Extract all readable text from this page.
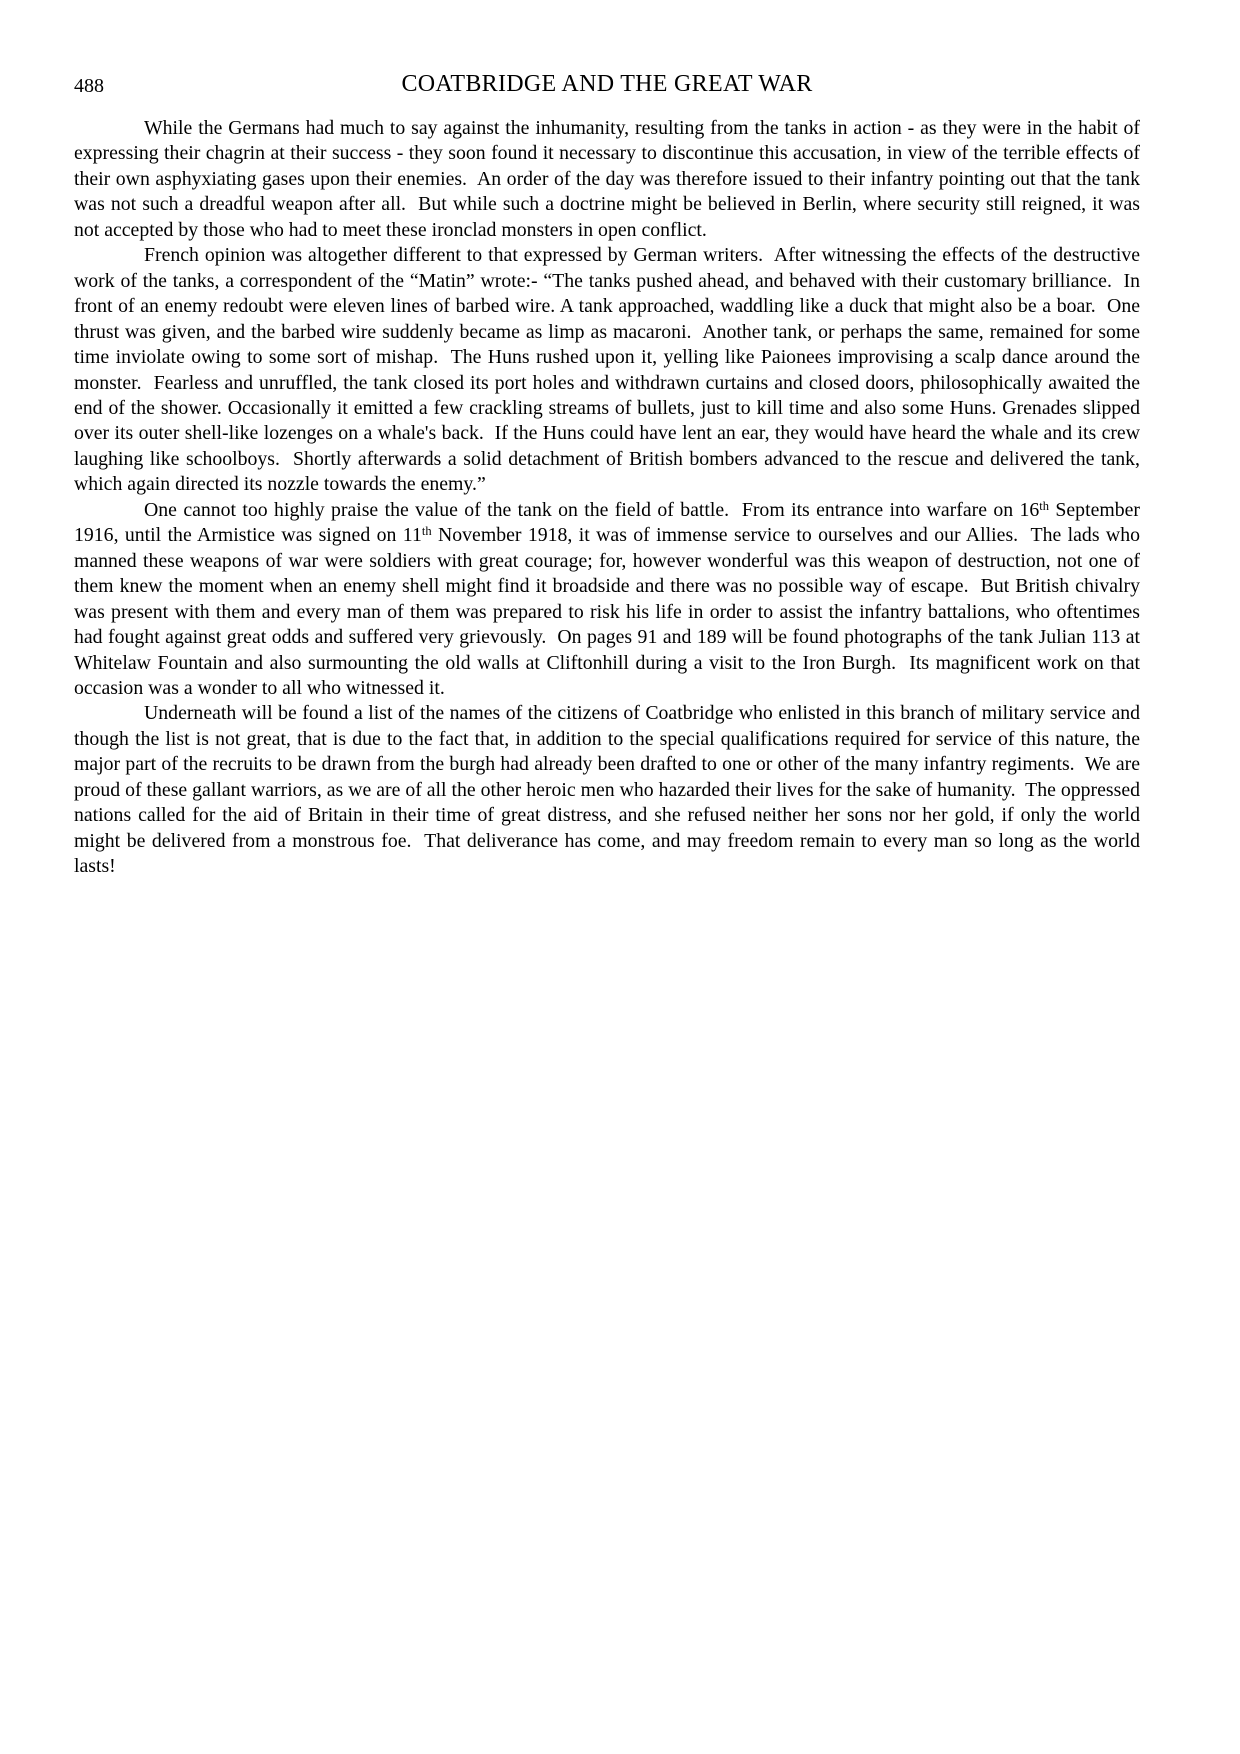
488	COATBRIDGE AND THE GREAT WAR

While the Germans had much to say against the inhumanity, resulting from the tanks in action - as they were in the habit of expressing their chagrin at their success - they soon found it necessary to discontinue this accusation, in view of the terrible effects of their own asphyxiating gases upon their enemies.  An order of the day was therefore issued to their infantry pointing out that the tank was not such a dreadful weapon after all.  But while such a doctrine might be believed in Berlin, where security still reigned, it was not accepted by those who had to meet these ironclad monsters in open conflict.

French opinion was altogether different to that expressed by German writers.  After witnessing the effects of the destructive work of the tanks, a correspondent of the “Matin” wrote:- “The tanks pushed ahead, and behaved with their customary brilliance.  In front of an enemy redoubt were eleven lines of barbed wire. A tank approached, waddling like a duck that might also be a boar.  One thrust was given, and the barbed wire suddenly became as limp as macaroni.  Another tank, or perhaps the same, remained for some time inviolate owing to some sort of mishap.  The Huns rushed upon it, yelling like Paionees improvising a scalp dance around the monster.  Fearless and unruffled, the tank closed its port holes and withdrawn curtains and closed doors, philosophically awaited the end of the shower. Occasionally it emitted a few crackling streams of bullets, just to kill time and also some Huns. Grenades slipped over its outer shell-like lozenges on a whale's back.  If the Huns could have lent an ear, they would have heard the whale and its crew laughing like schoolboys.  Shortly afterwards a solid detachment of British bombers advanced to the rescue and delivered the tank, which again directed its nozzle towards the enemy.”

One cannot too highly praise the value of the tank on the field of battle.  From its entrance into warfare on 16th September 1916, until the Armistice was signed on 11th November 1918, it was of immense service to ourselves and our Allies.  The lads who manned these weapons of war were soldiers with great courage; for, however wonderful was this weapon of destruction, not one of them knew the moment when an enemy shell might find it broadside and there was no possible way of escape.  But British chivalry was present with them and every man of them was prepared to risk his life in order to assist the infantry battalions, who oftentimes had fought against great odds and suffered very grievously.  On pages 91 and 189 will be found photographs of the tank Julian 113 at Whitelaw Fountain and also surmounting the old walls at Cliftonhill during a visit to the Iron Burgh.  Its magnificent work on that occasion was a wonder to all who witnessed it.

Underneath will be found a list of the names of the citizens of Coatbridge who enlisted in this branch of military service and though the list is not great, that is due to the fact that, in addition to the special qualifications required for service of this nature, the major part of the recruits to be drawn from the burgh had already been drafted to one or other of the many infantry regiments.  We are proud of these gallant warriors, as we are of all the other heroic men who hazarded their lives for the sake of humanity.  The oppressed nations called for the aid of Britain in their time of great distress, and she refused neither her sons nor her gold, if only the world might be delivered from a monstrous foe.  That deliverance has come, and may freedom remain to every man so long as the world lasts!
